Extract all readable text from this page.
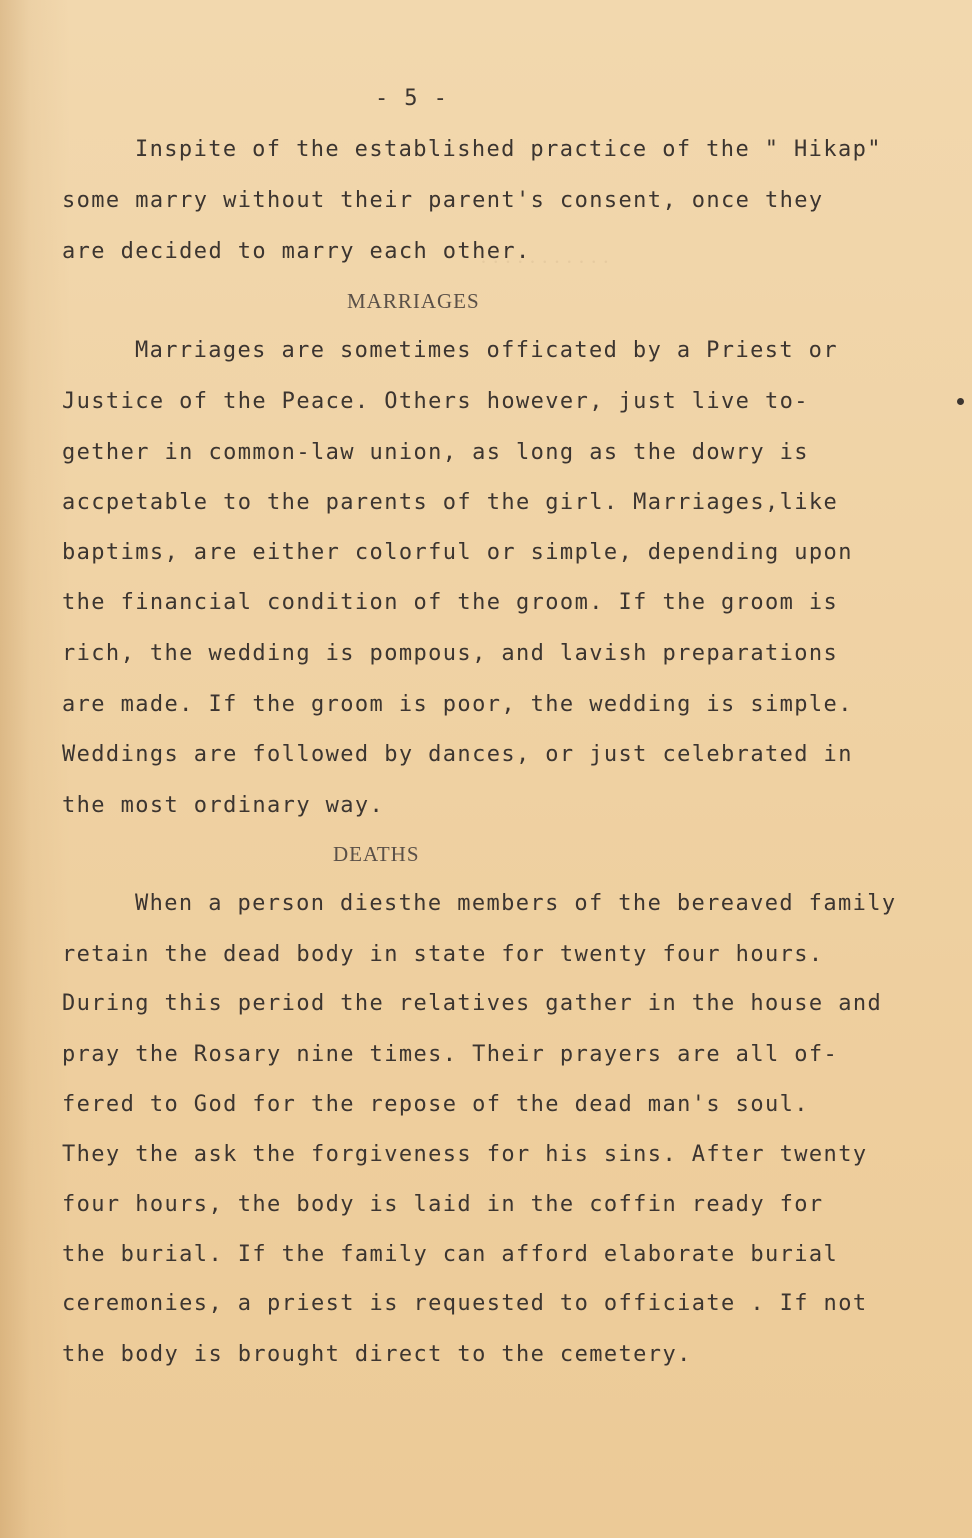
· · · · · · · · · · ·
- 5 -
Inspite of the established practice of the " Hikap"
some marry without their parent's consent, once they
are decided to marry each other.
MARRIAGES
Marriages are sometimes officated by a Priest or
Justice of the Peace. Others however, just live to-
gether in common-law union, as long as the dowry is
accpetable to the parents of the girl. Marriages,like
baptims, are either colorful or simple, depending upon
the financial condition of the groom. If the groom is
rich, the wedding is pompous, and lavish preparations
are made. If the groom is poor, the wedding is simple.
Weddings are followed by dances, or just celebrated in
the most ordinary way.
DEATHS
When a person diesthe members of the bereaved family
retain the dead body in state for twenty four hours.
During this period the relatives gather in the house and
pray the Rosary nine times. Their prayers are all of-
fered to God for the repose of the dead man's soul.
They the ask the forgiveness for his sins. After twenty
four hours, the body is laid in the coffin ready for
the burial. If the family can afford elaborate burial
ceremonies, a priest is requested to officiate . If not
the body is brought direct to the cemetery.
